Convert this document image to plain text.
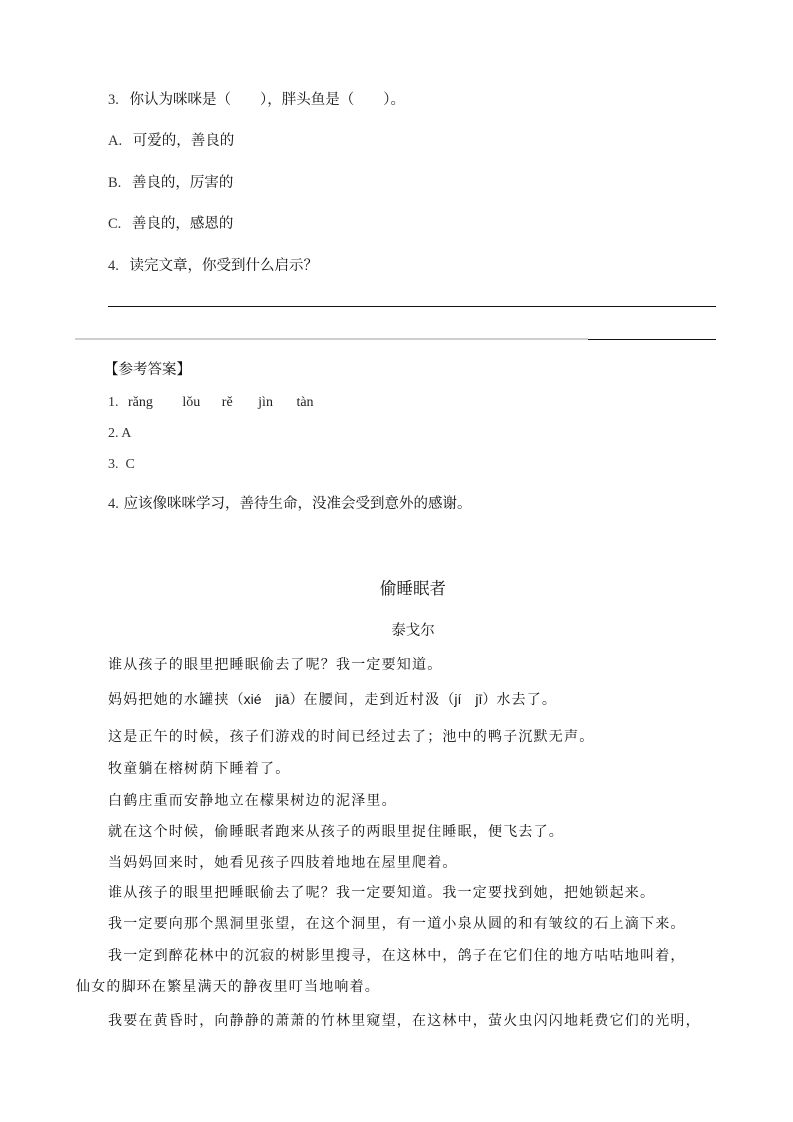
3. 你认为咪咪是（　　），胖头鱼是（　　）。
A. 可爱的，善良的
B. 善良的，厉害的
C. 善良的，感恩的
4. 读完文章，你受到什么启示？
【参考答案】
1. rǎng lǒu rě jìn tàn
2. A
3.  C
4. 应该像咪咪学习，善待生命，没准会受到意外的感谢。
偷睡眠者
泰戈尔
谁从孩子的眼里把睡眠偷去了呢？我一定要知道。
妈妈把她的水罐挟（xié　jiā）在腰间，走到近村汲（jí　jī）水去了。
这是正午的时候，孩子们游戏的时间已经过去了；池中的鸭子沉默无声。
牧童躺在榕树荫下睡着了。
白鹤庄重而安静地立在檬果树边的泥泽里。
就在这个时候，偷睡眠者跑来从孩子的两眼里捉住睡眠，便飞去了。
当妈妈回来时，她看见孩子四肢着地地在屋里爬着。
谁从孩子的眼里把睡眠偷去了呢？我一定要知道。我一定要找到她，把她锁起来。
我一定要向那个黑洞里张望，在这个洞里，有一道小泉从圆的和有皱纹的石上滴下来。
我一定到醉花林中的沉寂的树影里搜寻，在这林中，鸽子在它们住的地方咕咕地叫着，
仙女的脚环在繁星满天的静夜里叮当地响着。
我要在黄昏时，向静静的萧萧的竹林里窥望，在这林中，萤火虫闪闪地耗费它们的光明，
